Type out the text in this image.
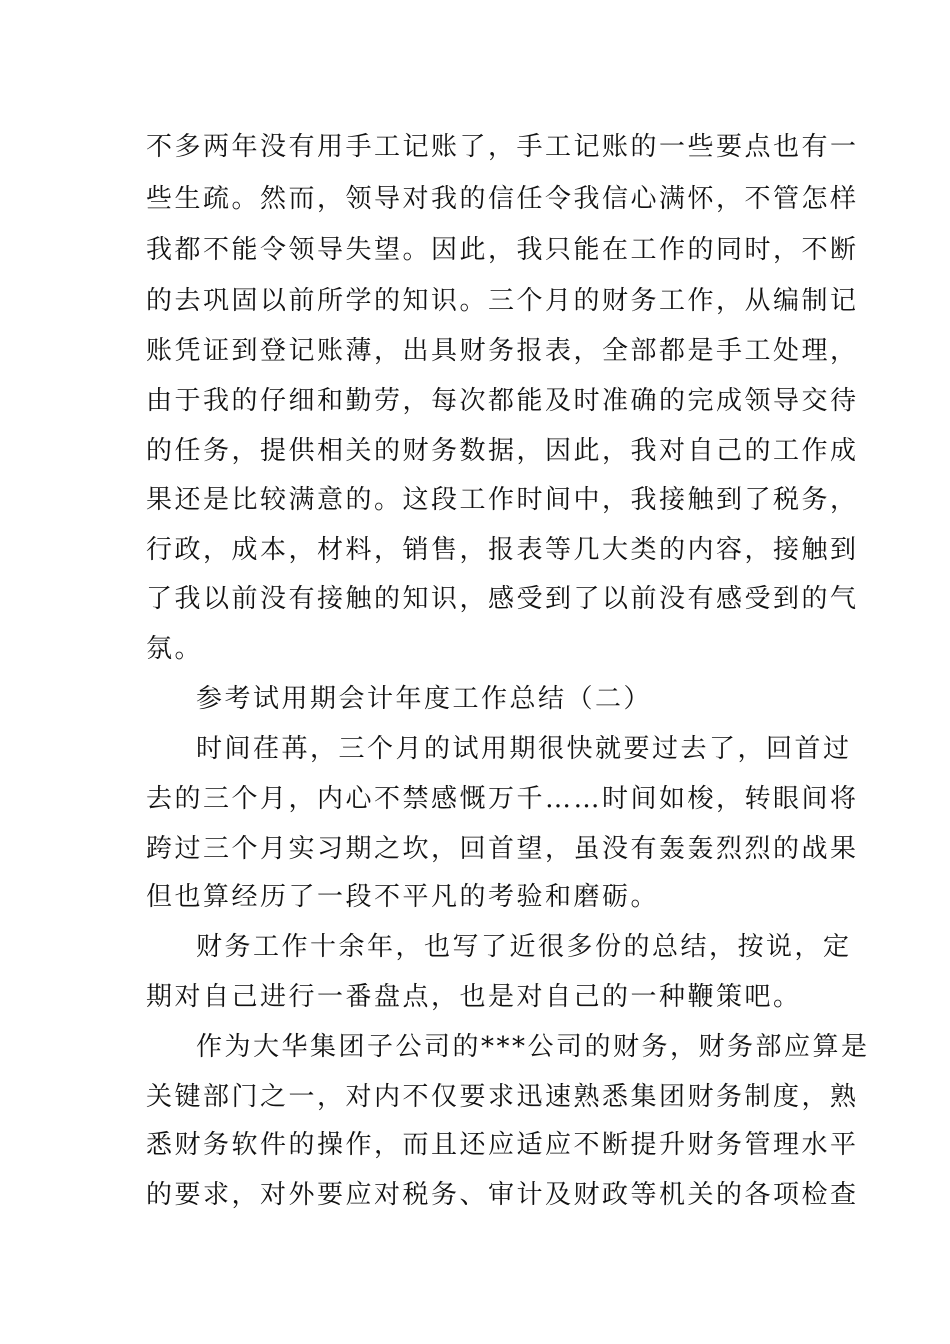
不多两年没有用手工记账了，手工记账的一些要点也有一
些生疏。然而，领导对我的信任令我信心满怀，不管怎样
我都不能令领导失望。因此，我只能在工作的同时，不断
的去巩固以前所学的知识。三个月的财务工作，从编制记
账凭证到登记账薄，出具财务报表，全部都是手工处理，
由于我的仔细和勤劳，每次都能及时准确的完成领导交待
的任务，提供相关的财务数据，因此，我对自己的工作成
果还是比较满意的。这段工作时间中，我接触到了税务，
行政，成本，材料，销售，报表等几大类的内容，接触到
了我以前没有接触的知识，感受到了以前没有感受到的气
氛。
参考试用期会计年度工作总结（二）
时间荏苒，三个月的试用期很快就要过去了，回首过
去的三个月，内心不禁感慨万千……时间如梭，转眼间将
跨过三个月实习期之坎，回首望，虽没有轰轰烈烈的战果
但也算经历了一段不平凡的考验和磨砺。
财务工作十余年，也写了近很多份的总结，按说，定
期对自己进行一番盘点，也是对自己的一种鞭策吧。
作为大华集团子公司的***公司的财务，财务部应算是
关键部门之一，对内不仅要求迅速熟悉集团财务制度，熟
悉财务软件的操作，而且还应适应不断提升财务管理水平
的要求，对外要应对税务、审计及财政等机关的各项检查
